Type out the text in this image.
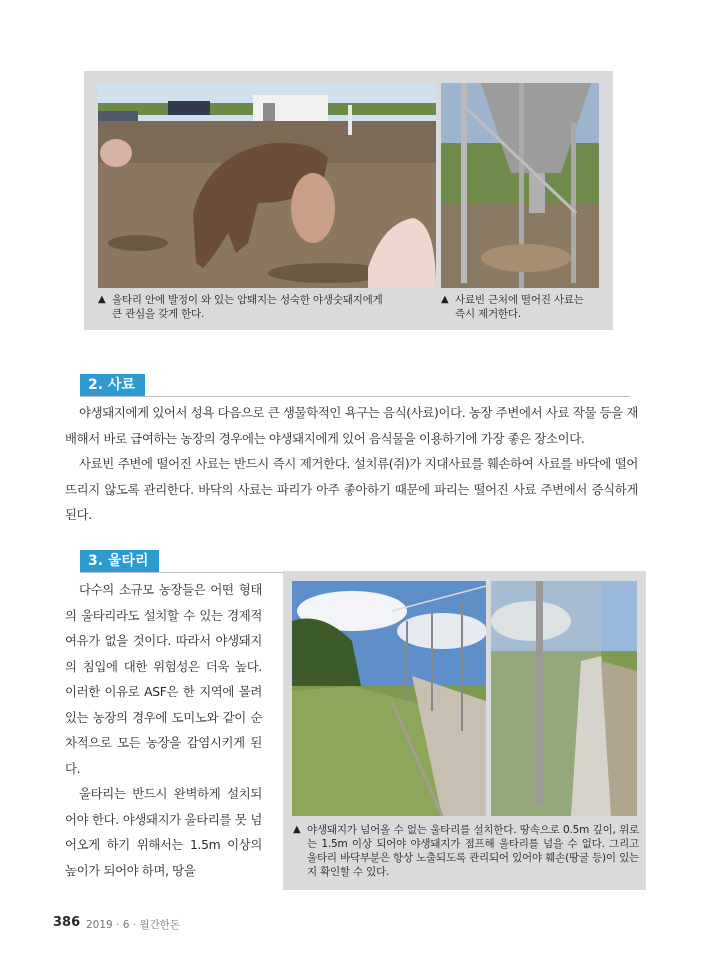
▲ 울타리 안에 발정이 와 있는 암퇘지는 성숙한 야생숫돼지에게
큰 관심을 갖게 한다.
▲ 사료빈 근처에 떨어진 사료는
즉시 제거한다.
2. 사료

야생돼지에게 있어서 성욕 다음으로 큰 생물학적인 욕구는 음식(사료)이다. 농장 주변에서 사료 작물 등을 재배해서 바로 급여하는 농장의 경우에는 야생돼지에게 있어 음식물을 이용하기에 가장 좋은 장소이다.

사료빈 주변에 떨어진 사료는 반드시 즉시 제거한다. 설치류(쥐)가 지대사료를 훼손하여 사료를 바닥에 떨어뜨리지 않도록 관리한다. 바닥의 사료는 파리가 아주 좋아하기 때문에 파리는 떨어진 사료 주변에서 증식하게 된다.

3. 울타리

다수의 소규모 농장들은 어떤 형태의 울타리라도 설치할 수 있는 경제적 여유가 없을 것이다. 따라서 야생돼지의 침입에 대한 위험성은 더욱 높다. 이러한 이유로 ASF은 한 지역에 몰려있는 농장의 경우에 도미노와 같이 순차적으로 모든 농장을 감염시키게 된다.

울타리는 반드시 완벽하게 설치되어야 한다. 야생돼지가 울타리를 못 넘어오게 하기 위해서는 1.5m 이상의 높이가 되어야 하며, 땅을

▲ 야생돼지가 넘어올 수 없는 울타리를 설치한다. 땅속으로 0.5m 깊이, 위로는 1.5m 이상 되어야 야생돼지가 점프해 울타리를 넘을 수 없다. 그리고 울타리 바닥부분은 항상 노출되도록 관리되어 있어야 훼손(땅굴 등)이 있는지 확인할 수 있다.
386 2019 · 6 · 월간한돈
